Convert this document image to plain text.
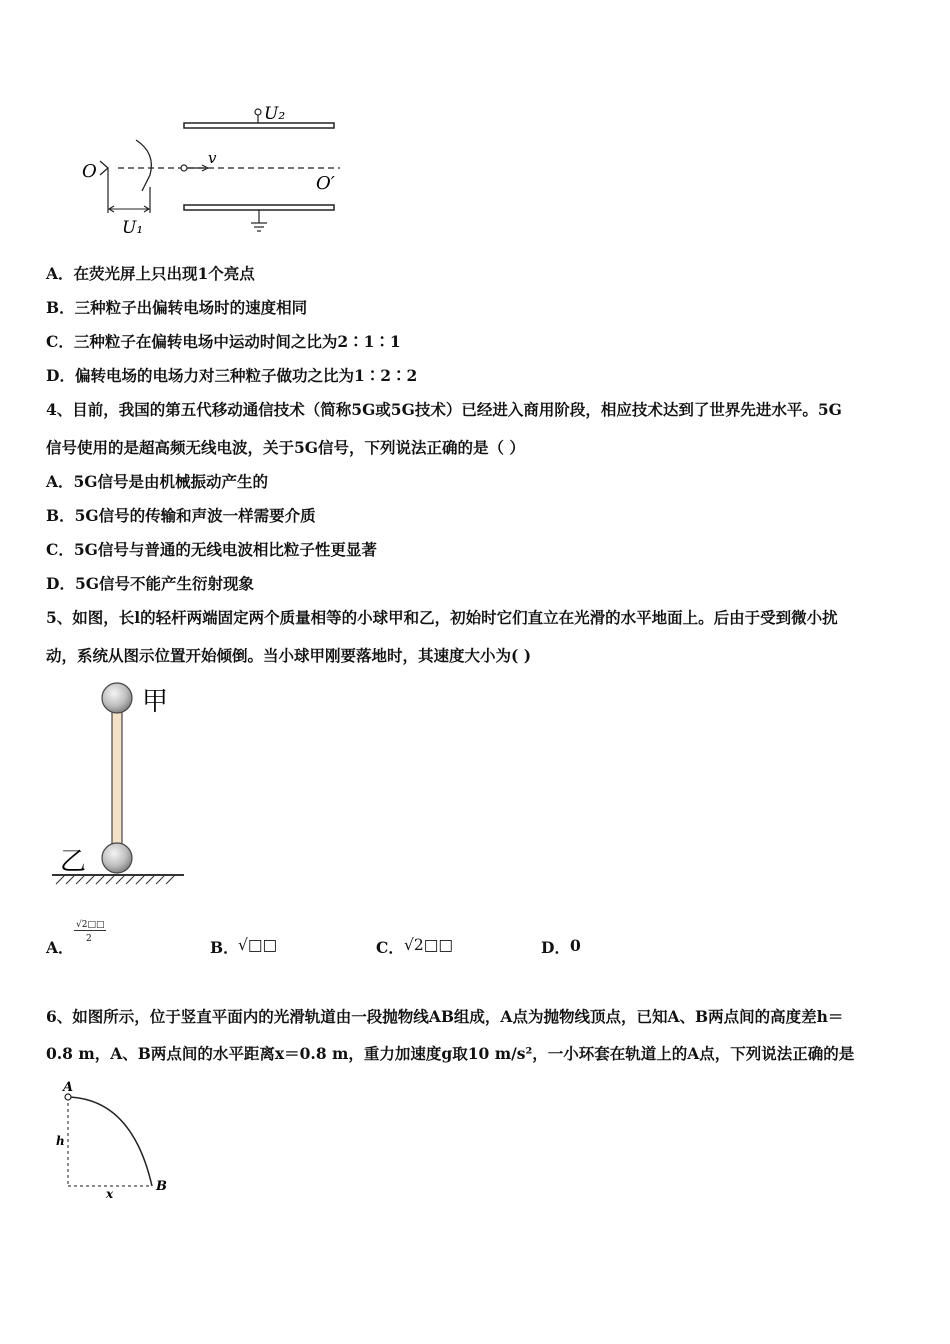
U₂
v
O
U₁
O′
A．在荧光屏上只出现1个亮点
B．三种粒子出偏转电场时的速度相同
C．三种粒子在偏转电场中运动时间之比为2∶1∶1
D．偏转电场的电场力对三种粒子做功之比为1∶2∶2
4、目前，我国的第五代移动通信技术（简称5G或5G技术）已经进入商用阶段，相应技术达到了世界先进水平。5G
信号使用的是超高频无线电波，关于5G信号，下列说法正确的是（ ）
A．5G信号是由机械振动产生的
B．5G信号的传输和声波一样需要介质
C．5G信号与普通的无线电波相比粒子性更显著
D．5G信号不能产生衍射现象
5、如图，长l的轻杆两端固定两个质量相等的小球甲和乙，初始时它们直立在光滑的水平地面上。后由于受到微小扰
动，系统从图示位置开始倾倒。当小球甲刚要落地时，其速度大小为( )
甲
乙
A．
√2□□
2	B． √□□	C． √2□□	D． 0
6、如图所示，位于竖直平面内的光滑轨道由一段抛物线AB组成，A点为抛物线顶点，已知A、B两点间的高度差h＝
0.8 m，A、B两点间的水平距离x＝0.8 m，重力加速度g取10 m/s²，一小环套在轨道上的A点，下列说法正确的是
A
B
h
x
